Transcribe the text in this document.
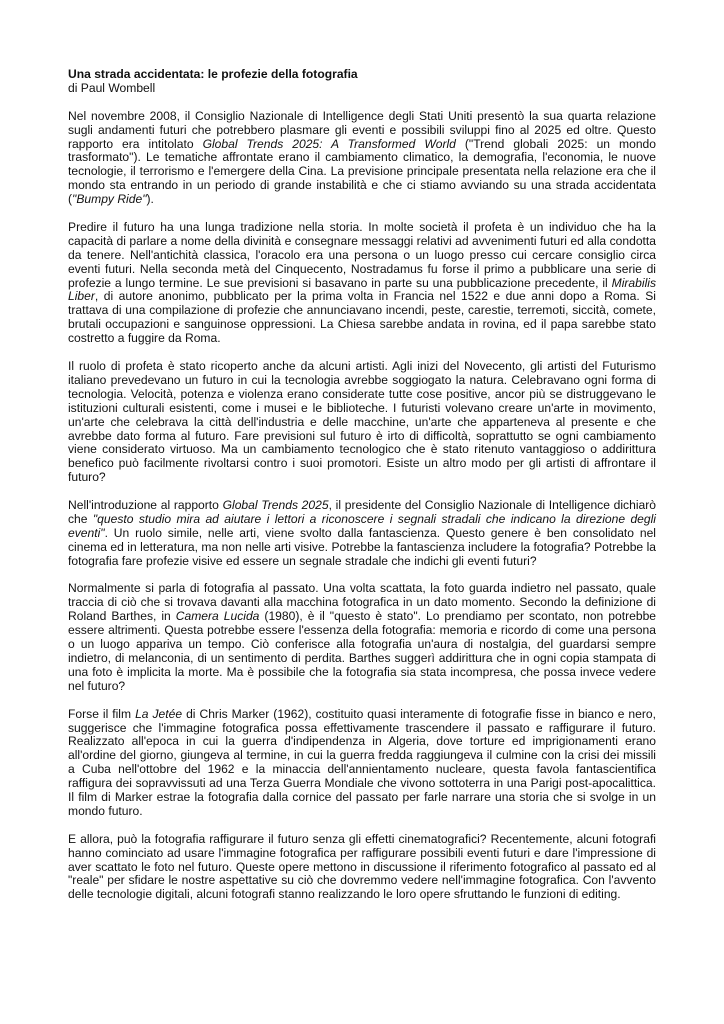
Una strada accidentata: le profezie della fotografia
di Paul Wombell

Nel novembre 2008, il Consiglio Nazionale di Intelligence degli Stati Uniti presentò la sua quarta relazione sugli andamenti futuri che potrebbero plasmare gli eventi e possibili sviluppi fino al 2025 ed oltre. Questo rapporto era intitolato Global Trends 2025: A Transformed World ("Trend globali 2025: un mondo trasformato"). Le tematiche affrontate erano il cambiamento climatico, la demografia, l'economia, le nuove tecnologie, il terrorismo e l'emergere della Cina. La previsione principale presentata nella relazione era che il mondo sta entrando in un periodo di grande instabilità e che ci stiamo avviando su una strada accidentata ("Bumpy Ride").

Predire il futuro ha una lunga tradizione nella storia. In molte società il profeta è un individuo che ha la capacità di parlare a nome della divinità e consegnare messaggi relativi ad avvenimenti futuri ed alla condotta da tenere. Nell'antichità classica, l'oracolo era una persona o un luogo presso cui cercare consiglio circa eventi futuri. Nella seconda metà del Cinquecento, Nostradamus fu forse il primo a pubblicare una serie di profezie a lungo termine. Le sue previsioni si basavano in parte su una pubblicazione precedente, il Mirabilis Liber, di autore anonimo, pubblicato per la prima volta in Francia nel 1522 e due anni dopo a Roma. Si trattava di una compilazione di profezie che annunciavano incendi, peste, carestie, terremoti, siccità, comete, brutali occupazioni e sanguinose oppressioni. La Chiesa sarebbe andata in rovina, ed il papa sarebbe stato costretto a fuggire da Roma.

Il ruolo di profeta è stato ricoperto anche da alcuni artisti. Agli inizi del Novecento, gli artisti del Futurismo italiano prevedevano un futuro in cui la tecnologia avrebbe soggiogato la natura. Celebravano ogni forma di tecnologia. Velocità, potenza e violenza erano considerate tutte cose positive, ancor più se distruggevano le istituzioni culturali esistenti, come i musei e le biblioteche. I futuristi volevano creare un'arte in movimento, un'arte che celebrava la città dell'industria e delle macchine, un'arte che apparteneva al presente e che avrebbe dato forma al futuro. Fare previsioni sul futuro è irto di difficoltà, soprattutto se ogni cambiamento viene considerato virtuoso. Ma un cambiamento tecnologico che è stato ritenuto vantaggioso o addirittura benefico può facilmente rivoltarsi contro i suoi promotori. Esiste un altro modo per gli artisti di affrontare il futuro?

Nell'introduzione al rapporto Global Trends 2025, il presidente del Consiglio Nazionale di Intelligence dichiarò che "questo studio mira ad aiutare i lettori a riconoscere i segnali stradali che indicano la direzione degli eventi". Un ruolo simile, nelle arti, viene svolto dalla fantascienza. Questo genere è ben consolidato nel cinema ed in letteratura, ma non nelle arti visive. Potrebbe la fantascienza includere la fotografia? Potrebbe la fotografia fare profezie visive ed essere un segnale stradale che indichi gli eventi futuri?

Normalmente si parla di fotografia al passato. Una volta scattata, la foto guarda indietro nel passato, quale traccia di ciò che si trovava davanti alla macchina fotografica in un dato momento. Secondo la definizione di Roland Barthes, in Camera Lucida (1980), è il "questo è stato". Lo prendiamo per scontato, non potrebbe essere altrimenti. Questa potrebbe essere l'essenza della fotografia: memoria e ricordo di come una persona o un luogo appariva un tempo. Ciò conferisce alla fotografia un'aura di nostalgia, del guardarsi sempre indietro, di melanconia, di un sentimento di perdita. Barthes suggerì addirittura che in ogni copia stampata di una foto è implicita la morte. Ma è possibile che la fotografia sia stata incompresa, che possa invece vedere nel futuro?

Forse il film La Jetée di Chris Marker (1962), costituito quasi interamente di fotografie fisse in bianco e nero, suggerisce che l'immagine fotografica possa effettivamente trascendere il passato e raffigurare il futuro. Realizzato all'epoca in cui la guerra d'indipendenza in Algeria, dove torture ed imprigionamenti erano all'ordine del giorno, giungeva al termine, in cui la guerra fredda raggiungeva il culmine con la crisi dei missili a Cuba nell'ottobre del 1962 e la minaccia dell'annientamento nucleare, questa favola fantascientifica raffigura dei sopravvissuti ad una Terza Guerra Mondiale che vivono sottoterra in una Parigi post-apocalittica. Il film di Marker estrae la fotografia dalla cornice del passato per farle narrare una storia che si svolge in un mondo futuro.

E allora, può la fotografia raffigurare il futuro senza gli effetti cinematografici? Recentemente, alcuni fotografi hanno cominciato ad usare l'immagine fotografica per raffigurare possibili eventi futuri e dare l'impressione di aver scattato le foto nel futuro. Queste opere mettono in discussione il riferimento fotografico al passato ed al "reale" per sfidare le nostre aspettative su ciò che dovremmo vedere nell'immagine fotografica. Con l'avvento delle tecnologie digitali, alcuni fotografi stanno realizzando le loro opere sfruttando le funzioni di editing.
